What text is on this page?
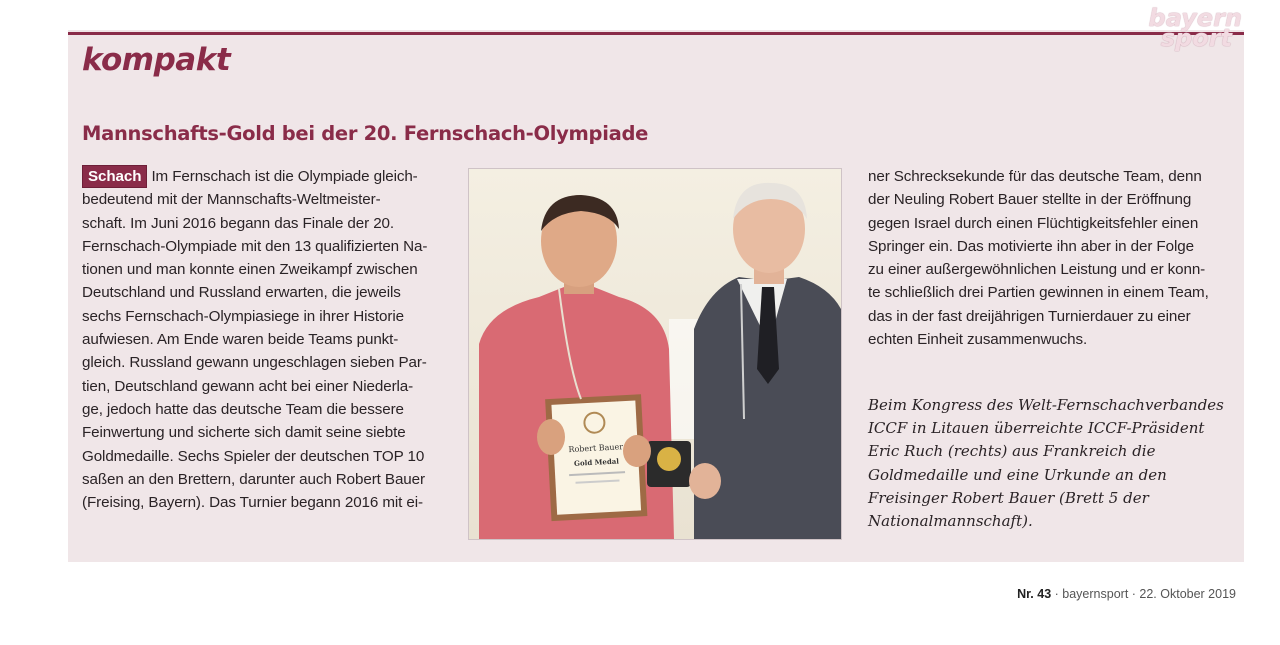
bayern
sport
kompakt
Mannschafts-Gold bei der 20. Fernschach-Olympiade

Schach Im Fernschach ist die Olympiade gleich-

bedeutend mit der Mannschafts-Weltmeister-

schaft. Im Juni 2016 begann das Finale der 20.

Fernschach-Olympiade mit den 13 qualifizierten Na-

tionen und man konnte einen Zweikampf zwischen

Deutschland und Russland erwarten, die jeweils

sechs Fernschach-Olympiasiege in ihrer Historie

aufwiesen. Am Ende waren beide Teams punkt-

gleich. Russland gewann ungeschlagen sieben Par-

tien, Deutschland gewann acht bei einer Niederla-

ge, jedoch hatte das deutsche Team die bessere

Feinwertung und sicherte sich damit seine siebte

Goldmedaille. Sechs Spieler der deutschen TOP 10

saßen an den Brettern, darunter auch Robert Bauer

(Freising, Bayern). Das Turnier begann 2016 mit ei-

Robert Bauer
Gold Medal

ner Schrecksekunde für das deutsche Team, denn

der Neuling Robert Bauer stellte in der Eröffnung

gegen Israel durch einen Flüchtigkeitsfehler einen

Springer ein. Das motivierte ihn aber in der Folge

zu einer außergewöhnlichen Leistung und er konn-

te schließlich drei Partien gewinnen in einem Team,

das in der fast dreijährigen Turnierdauer zu einer

echten Einheit zusammenwuchs.

Beim Kongress des Welt-Fernschachverbandes

ICCF in Litauen überreichte ICCF-Präsident

Eric Ruch (rechts) aus Frankreich die

Goldmedaille und eine Urkunde an den

Freisinger Robert Bauer (Brett 5 der

Nationalmannschaft).

Nr. 43 · bayernsport · 22. Oktober 2019
